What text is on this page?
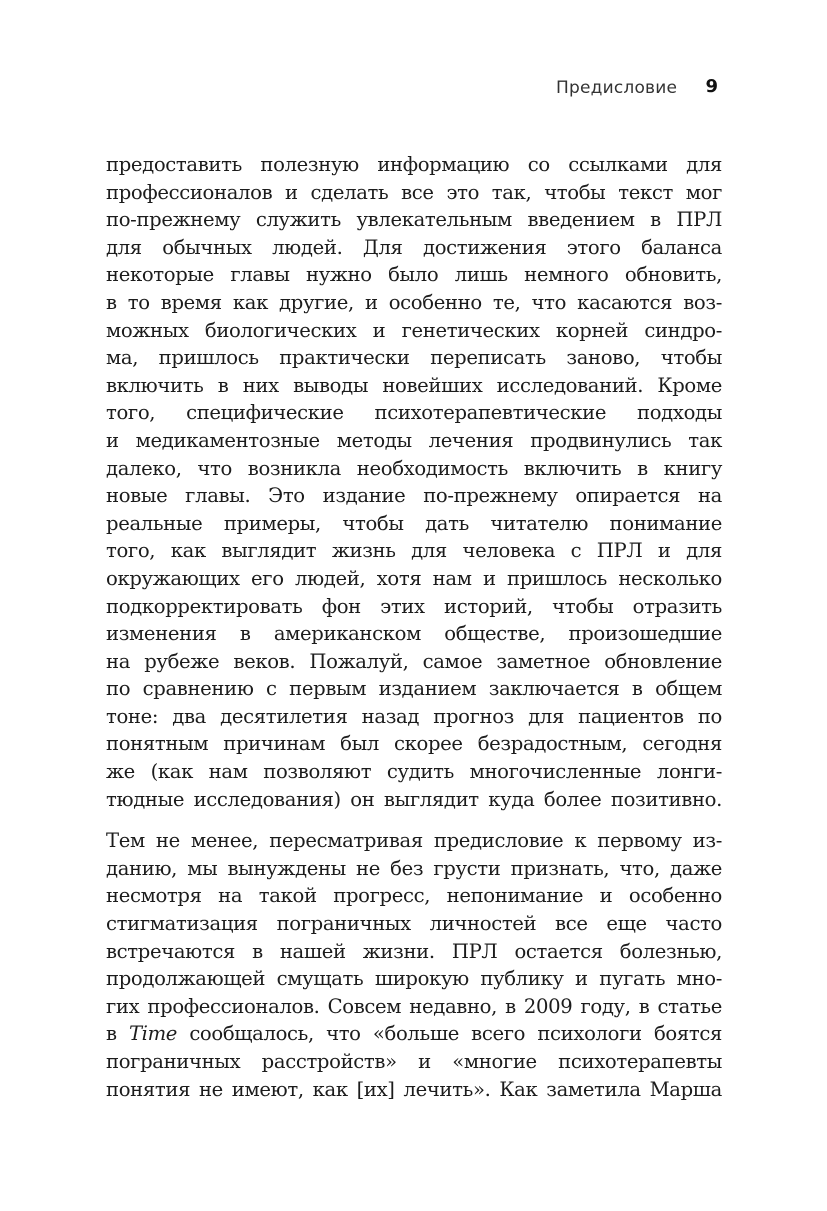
Предисловие 9

предоставить полезную информацию со ссылками для
профессионалов и сделать все это так, чтобы текст мог
по-прежнему служить увлекательным введением в ПРЛ
для обычных людей. Для достижения этого баланса
некоторые главы нужно было лишь немного обновить,
в то время как другие, и особенно те, что касаются воз-
можных биологических и генетических корней синдро-
ма, пришлось практически переписать заново, чтобы
включить в них выводы новейших исследований. Кроме
того, специфические психотерапевтические подходы
и медикаментозные методы лечения продвинулись так
далеко, что возникла необходимость включить в книгу
новые главы. Это издание по-прежнему опирается на
реальные примеры, чтобы дать читателю понимание
того, как выглядит жизнь для человека с ПРЛ и для
окружающих его людей, хотя нам и пришлось несколько
подкорректировать фон этих историй, чтобы отразить
изменения в американском обществе, произошедшие
на рубеже веков. Пожалуй, самое заметное обновление
по сравнению с первым изданием заключается в общем
тоне: два десятилетия назад прогноз для пациентов по
понятным причинам был скорее безрадостным, сегодня
же (как нам позволяют судить многочисленные лонги-
тюдные исследования) он выглядит куда более позитивно.

Тем не менее, пересматривая предисловие к первому из-
данию, мы вынуждены не без грусти признать, что, даже
несмотря на такой прогресс, непонимание и особенно
стигматизация пограничных личностей все еще часто
встречаются в нашей жизни. ПРЛ остается болезнью,
продолжающей смущать широкую публику и пугать мно-
гих профессионалов. Совсем недавно, в 2009 году, в статье
в Time сообщалось, что «больше всего психологи боятся
пограничных расстройств» и «многие психотерапевты
понятия не имеют, как [их] лечить». Как заметила Марша
